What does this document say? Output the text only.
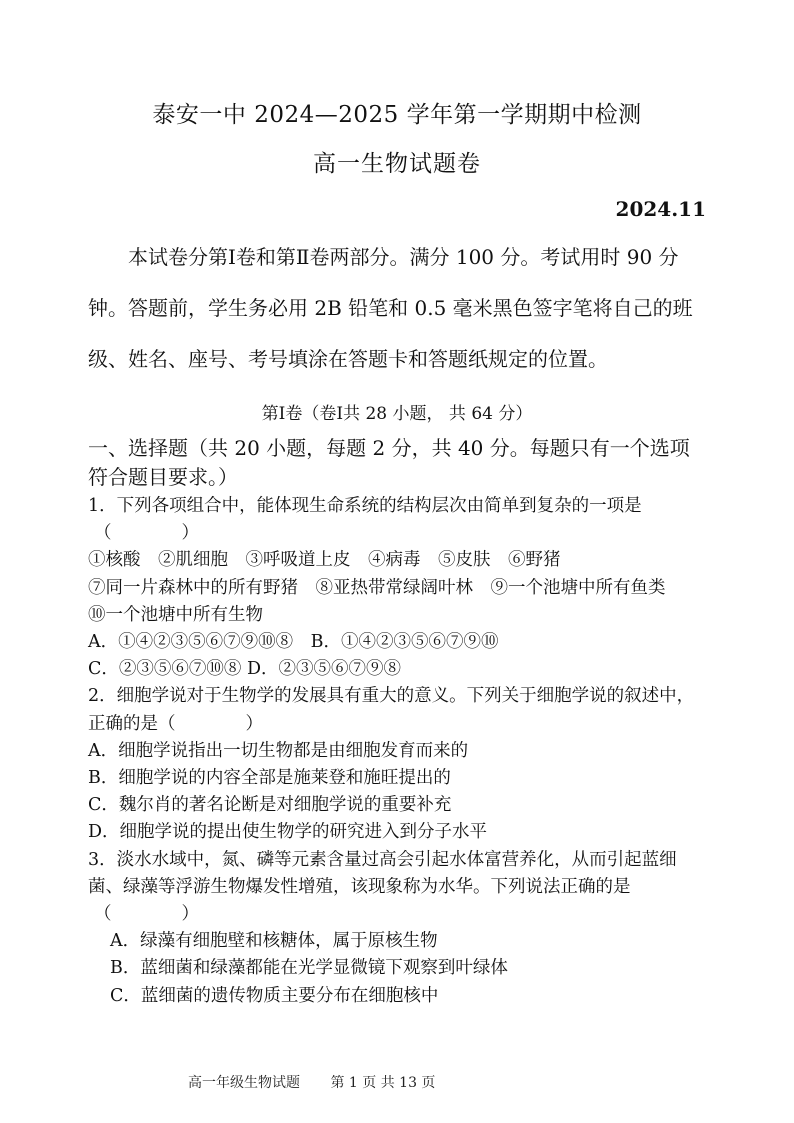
泰安一中 2024—2025 学年第一学期期中检测
高一生物试题卷
2024.11

本试卷分第Ⅰ卷和第Ⅱ卷两部分。满分 100 分。考试用时 90 分

钟。答题前，学生务必用 2B 铅笔和 0.5 毫米黑色签字笔将自己的班

级、姓名、座号、考号填涂在答题卡和答题纸规定的位置。

第Ⅰ卷（卷Ⅰ共 28 小题， 共 64 分）
一、选择题（共 20 小题，每题 2 分，共 40 分。每题只有一个选项
符合题目要求。）
1．下列各项组合中，能体现生命系统的结构层次由简单到复杂的一项是
（　　　　）
①核酸　②肌细胞　③呼吸道上皮　④病毒　⑤皮肤　⑥野猪
⑦同一片森林中的所有野猪　⑧亚热带常绿阔叶林　⑨一个池塘中所有鱼类
⑩一个池塘中所有生物
A．①④②③⑤⑥⑦⑨⑩⑧　B．①④②③⑤⑥⑦⑨⑩
C．②③⑤⑥⑦⑩⑧ D．②③⑤⑥⑦⑨⑧
2．细胞学说对于生物学的发展具有重大的意义。下列关于细胞学说的叙述中，
正确的是（　　　　）
A．细胞学说指出一切生物都是由细胞发育而来的
B．细胞学说的内容全部是施莱登和施旺提出的
C．魏尔肖的著名论断是对细胞学说的重要补充
D．细胞学说的提出使生物学的研究进入到分子水平
3．淡水水域中，氮、磷等元素含量过高会引起水体富营养化，从而引起蓝细
菌、绿藻等浮游生物爆发性增殖，该现象称为水华。下列说法正确的是
（　　　　）
A．绿藻有细胞壁和核糖体，属于原核生物
B．蓝细菌和绿藻都能在光学显微镜下观察到叶绿体
C．蓝细菌的遗传物质主要分布在细胞核中
高一年级生物试题 第 1 页 共 13 页
